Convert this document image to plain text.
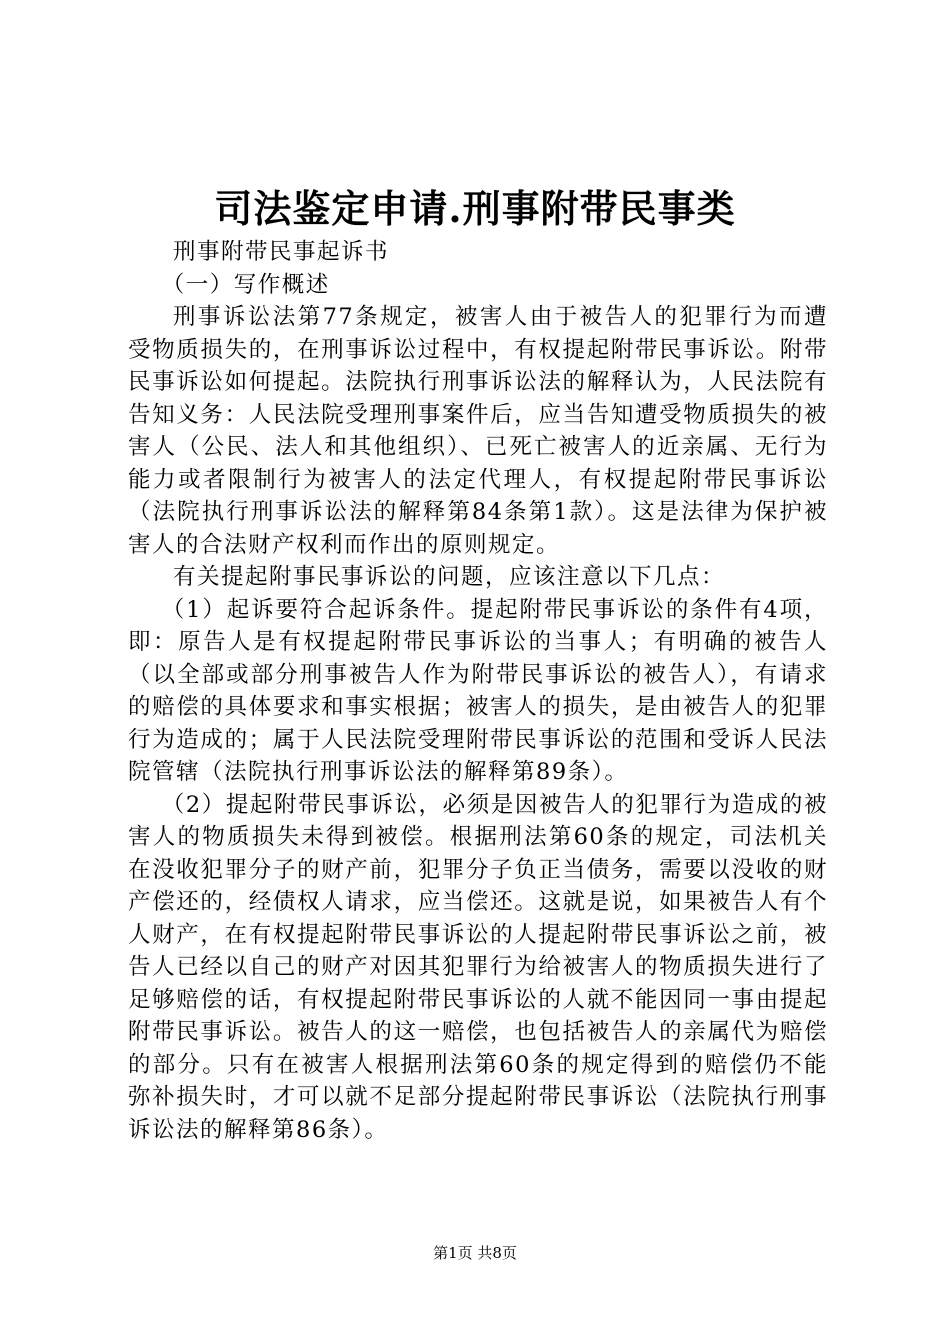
司法鉴定申请.刑事附带民事类

刑事附带民事起诉书

（一）写作概述

刑事诉讼法第77条规定，被害人由于被告人的犯罪行为而遭受物质损失的，在刑事诉讼过程中，有权提起附带民事诉讼。附带民事诉讼如何提起。法院执行刑事诉讼法的解释认为，人民法院有告知义务：人民法院受理刑事案件后，应当告知遭受物质损失的被害人（公民、法人和其他组织）、已死亡被害人的近亲属、无行为能力或者限制行为被害人的法定代理人，有权提起附带民事诉讼（法院执行刑事诉讼法的解释第84条第1款）。这是法律为保护被害人的合法财产权利而作出的原则规定。

有关提起附事民事诉讼的问题，应该注意以下几点：

（1）起诉要符合起诉条件。提起附带民事诉讼的条件有4项，即：原告人是有权提起附带民事诉讼的当事人；有明确的被告人（以全部或部分刑事被告人作为附带民事诉讼的被告人），有请求的赔偿的具体要求和事实根据；被害人的损失，是由被告人的犯罪行为造成的；属于人民法院受理附带民事诉讼的范围和受诉人民法院管辖（法院执行刑事诉讼法的解释第89条）。

（2）提起附带民事诉讼，必须是因被告人的犯罪行为造成的被害人的物质损失未得到被偿。根据刑法第60条的规定，司法机关在没收犯罪分子的财产前，犯罪分子负正当债务，需要以没收的财产偿还的，经债权人请求，应当偿还。这就是说，如果被告人有个人财产，在有权提起附带民事诉讼的人提起附带民事诉讼之前，被告人已经以自己的财产对因其犯罪行为给被害人的物质损失进行了足够赔偿的话，有权提起附带民事诉讼的人就不能因同一事由提起附带民事诉讼。被告人的这一赔偿，也包括被告人的亲属代为赔偿的部分。只有在被害人根据刑法第60条的规定得到的赔偿仍不能弥补损失时，才可以就不足部分提起附带民事诉讼（法院执行刑事诉讼法的解释第86条）。

第1页 共8页
